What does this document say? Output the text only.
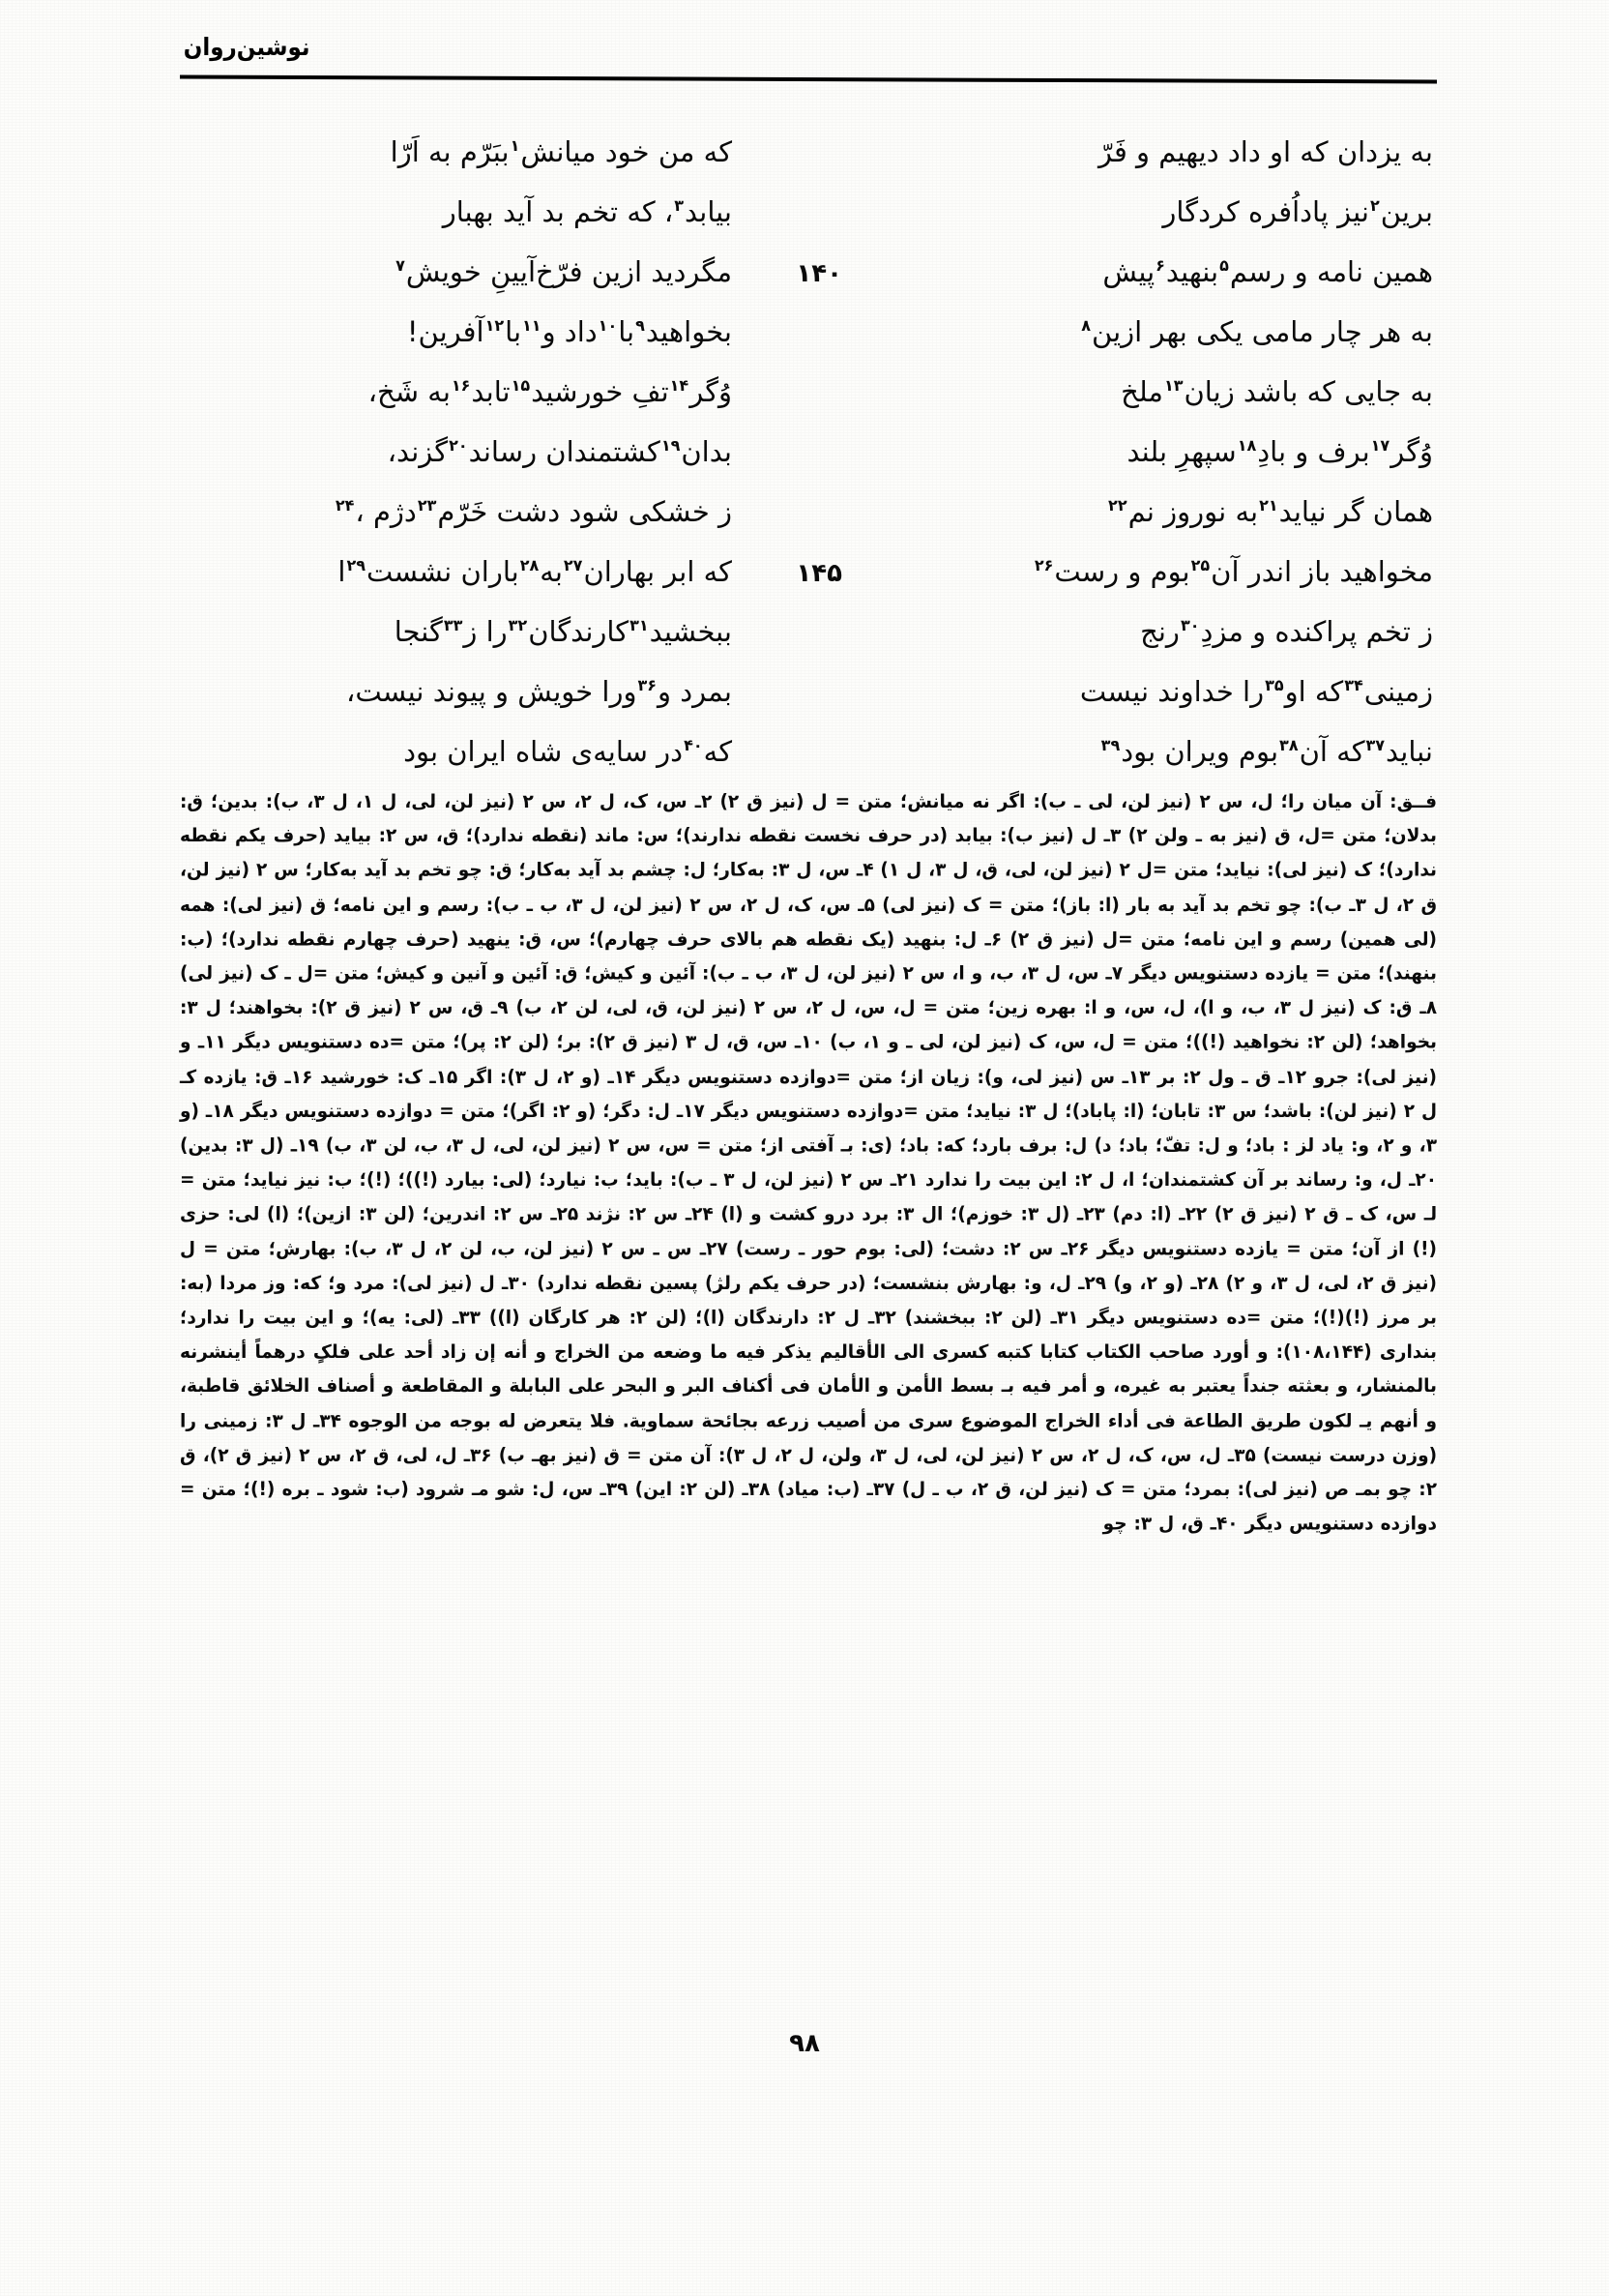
نوشین‌روان
به یزدان که او داد دیهیم و فَرّ
که من خود میانش$^۱$ببَرّم به اَرّا
برین$^۲$نیز پاداُفره کردگار
بیابد$^۳$، که تخم بد آید بهبار
همین نامه و رسم$^۵$بنهید$^۶$پیش
۱۴۰
مگردید ازین فرّخ‌آیینِ خویش$^۷$
به هر چار مامی یکی بهر ازین$^۸$
بخواهید$^۹$با$^{۱۰}$داد و$^{۱۱}$با$^{۱۲}$آفرین!
به جایی که باشد زیان$^{۱۳}$ملخ
وُگر$^{۱۴}$تفِ خورشید$^{۱۵}$تابد$^{۱۶}$به شَخ،
وُگر$^{۱۷}$برف و بادِ$^{۱۸}$سپهرِ بلند
بدان$^{۱۹}$کشتمندان رساند$^{۲۰}$گزند،
همان گر نیاید$^{۲۱}$به نوروز نم$^{۲۲}$
ز خشکی شود دشت خَرّم$^{۲۳}$دژم ،$^{۲۴}$
مخواهید باز اندر آن$^{۲۵}$بوم و رست$^{۲۶}$
۱۴۵
که ابر بهاران$^{۲۷}$به$^{۲۸}$باران نشست$^{۲۹}$ا
ز تخم پراکنده و مزدِ$^{۳۰}$رنج
ببخشید$^{۳۱}$کارندگان$^{۳۲}$را ز$^{۳۳}$گنجا
زمینی$^{۳۴}$که او$^{۳۵}$را خداوند نیست
بمرد و$^{۳۶}$ورا خویش و پیوند نیست،
نباید$^{۳۷}$که آن$^{۳۸}$بوم ویران بود$^{۳۹}$
که$^{۴۰}$در سایه‌ی شاه ایران بود

فــق: آن میان را؛ ل، س ۲ (نیز لن، لی ـ ب): اگر نه میانش؛ متن = ل (نیز ق ۲) ۲ـ س، ک، ل ۲، س ۲ (نیز لن، لی، ل ۱، ل ۳، ب): بدین؛ ق: بدلان؛ متن =ل، ق (نیز به ـ ولن ۲) ۳ـ ل (نیز ب): بیابد (در حرف نخست نقطه ندارند)؛ س: ماند (نقطه ندارد)؛ ق، س ۲: بیاید (حرف یکم نقطه ندارد)؛ ک (نیز لی): نیاید؛ متن =ل ۲ (نیز لن، لی، ق، ل ۳، ل ۱) ۴ـ س، ل ۳: به‌کار؛ ل: چشم بد آید به‌کار؛ ق: چو تخم بد آید به‌کار؛ س ۲ (نیز لن، ق ۲، ل ۳ـ ب): چو تخم بد آید به بار (ا: باز)؛ متن = ک (نیز لی) ۵ـ س، ک، ل ۲، س ۲ (نیز لن، ل ۳، ب ـ ب): رسم و این نامه؛ ق (نیز لی): همه (لی همین) رسم و این نامه؛ متن =ل (نیز ق ۲) ۶ـ ل: بنهید (یک نقطه هم بالای حرف چهارم)؛ س، ق: ینهید (حرف چهارم نقطه ندارد)؛ (ب: بنهند)؛ متن = یازده دستنویس دیگر ۷ـ س، ل ۳، ب، و ا، س ۲ (نیز لن، ل ۳، ب ـ ب): آئین و کیش؛ ق: آئین و آنین و کیش؛ متن =ل ـ ک (نیز لی) ۸ـ ق: ک (نیز ل ۳، ب، و ا)، ل، س، و ا: بهره زین؛ متن = ل، س، ل ۲، س ۲ (نیز لن، ق، لی، لن ۲، ب) ۹ـ ق، س ۲ (نیز ق ۲): بخواهند؛ ل ۳: بخواهد؛ (لن ۲: نخواهید (!))؛ متن = ل، س، ک (نیز لن، لی ـ و ۱، ب) ۱۰ـ س، ق، ل ۳ (نیز ق ۲): بر؛ (لن ۲: پر)؛ متن =ده دستنویس دیگر ۱۱ـ و (نیز لی): جرو ۱۲ـ ق ـ ول ۲: بر ۱۳ـ س (نیز لی، و): زیان از؛ متن =دوازده دستنویس دیگر ۱۴ـ (و ۲، ل ۳): اگر ۱۵ـ ک: خورشید ۱۶ـ ق: یازده کـ ل ۲ (نیز لن): باشد؛ س ۳: تابان؛ (ا: پاباد)؛ ل ۳: نیاید؛ متن =دوازده دستنویس دیگر ۱۷ـ ل: دگر؛ (و ۲: اگر)؛ متن = دوازده دستنویس دیگر ۱۸ـ (و ۳، و ۲، و: یاد لز : باد؛ و ل: تفّ؛ باد؛ د) ل: برف بارد؛ که: باد؛ (ی: بـ آفتی از؛ متن = س، س ۲ (نیز لن، لی، ل ۳، ب، لن ۳، ب) ۱۹ـ (ل ۳: بدین) ۲۰ـ ل، و: رساند بر آن کشتمندان؛ ا، ل ۲: این بیت را ندارد ۲۱ـ س ۲ (نیز لن، ل ۳ ـ ب): باید؛ ب: نیارد؛ (لی: بیارد (!))؛ (!)؛ ب: نیز نیاید؛ متن = لـ س، ک ـ ق ۲ (نیز ق ۲) ۲۲ـ (ا: دم) ۲۳ـ (ل ۳: خوزم)؛ ال ۳: برد درو کشت و (ا) ۲۴ـ س ۲: نژند ۲۵ـ س ۲: اندرین؛ (لن ۳: ازین)؛ (ا) لی: حزی (!) از آن؛ متن = یازده دستنویس دیگر ۲۶ـ س ۲: دشت؛ (لی: بوم حور ـ رست) ۲۷ـ س ـ س ۲ (نیز لن، ب، لن ۲، ل ۳، ب): بهارش؛ متن = ل (نیز ق ۲، لی، ل ۳، و ۲) ۲۸ـ (و ۲، و) ۲۹ـ ل، و: بهارش بنشست؛ (در حرف یکم رلژ) پسین نقطه ندارد) ۳۰ـ ل (نیز لی): مرد و؛ که: وز مردا (به: بر مرز (!)(!)؛ متن =ده دستنویس دیگر ۳۱ـ (لن ۲: ببخشند) ۳۲ـ ل ۲: دارندگان (ا)؛ (لن ۲: هر کارگان (ا)) ۳۳ـ (لی: یه)؛ و این بیت را ندارد؛ بنداری (۱۰۸،۱۴۴): و أورد صاحب الکتاب کتابا کتبه کسری الی الأقالیم یذکر فیه ما وضعه من الخراج و أنه إن زاد أحد علی فلکٍ درهماً أینشرنه بالمنشار، و بعثته جنداً یعتبر به غیره، و أمر فیه بـ بسط الأمن و الأمان فی أکناف البر و البحر علی البابلة و المقاطعة و أصناف الخلائق قاطبة، و أنهم یـ لکون طریق الطاعة فی أداء الخراج الموضوع سری من أصیب زرعه بجائحة سماویة. فلا یتعرض له بوجه من الوجوه ۳۴ـ ل ۳: زمینی را (وزن درست نیست) ۳۵ـ ل، س، ک، ل ۲، س ۲ (نیز لن، لی، ل ۳، ولن، ل ۲، ل ۳): آن متن = ق (نیز بهـ ب) ۳۶ـ ل، لی، ق ۲، س ۲ (نیز ق ۲)، ق ۲: چو بمـ ص (نیز لی): بمرد؛ متن = ک (نیز لن، ق ۲، ب ـ ل) ۳۷ـ (ب: میاد) ۳۸ـ (لن ۲: این) ۳۹ـ س، ل: شو مـ شرود (ب: شود ـ بره (!)؛ متن = دوازده دستنویس دیگر ۴۰ـ ق، ل ۳: چو

۹۸
